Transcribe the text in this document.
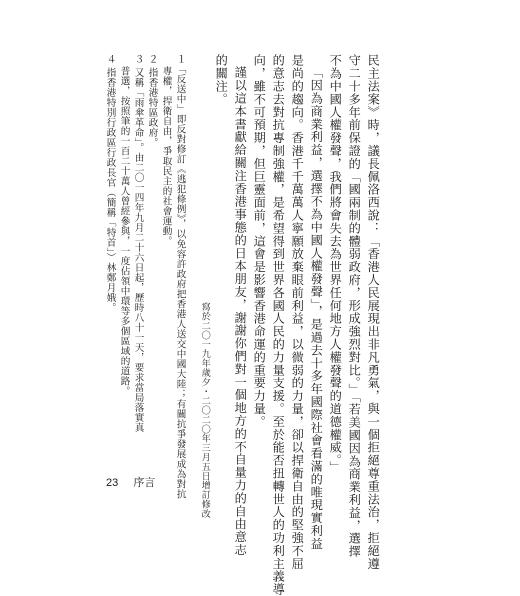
民主法案》時，議長佩洛西說：「香港人民展現出非凡勇氣，與一個拒絕尊重法治，拒絕遵
守二十多年前保證的「國兩制的體弱政府，形成強烈對比。」「若美國因為商業利益，選擇
不為中國人權發聲，我們將會失去為世界任何地方人權發聲的道德權威。」
「因為商業利益，選擇不為中國人權發聲」，是過去十多年國際社會看滿的唯現實利益
是尚的趨向。香港千千萬萬人寧願放棄眼前利益，以微弱的力量，卻以捍衛自由的堅強不屈
的意志去對抗專制強權，是希望得到世界各國人民的力量支援。至於能否扭轉世人的功利主義導
向，雖不可預期，但巨靈面前，這會是影響香港命運的重要力量。
謹以這本書獻給關注香港事態的日本朋友，謝謝你們對一個地方的不自量力的自由意志
的關注。
寫於二〇一九年歲夕・二〇二〇年三月五日增訂修改
１「反送中」即反對修訂《逃犯條例》，以免容許政府把香港人送交中國大陸；有關抗爭發展成為對抗
專權，捍衛自由，爭取民主的社會運動。
２ 指香港特區政府。
３ 又稱「雨傘革命」。由二〇一四年九月二十六日起，歷時八十一天，要求當局落實真
普選，按照筆的一百二十萬人曾經參與，一度佔領中環等多個區域的道路。
４ 指香港特別行政區行政長官（簡稱「特首」）林鄭月娥。
23 序言
